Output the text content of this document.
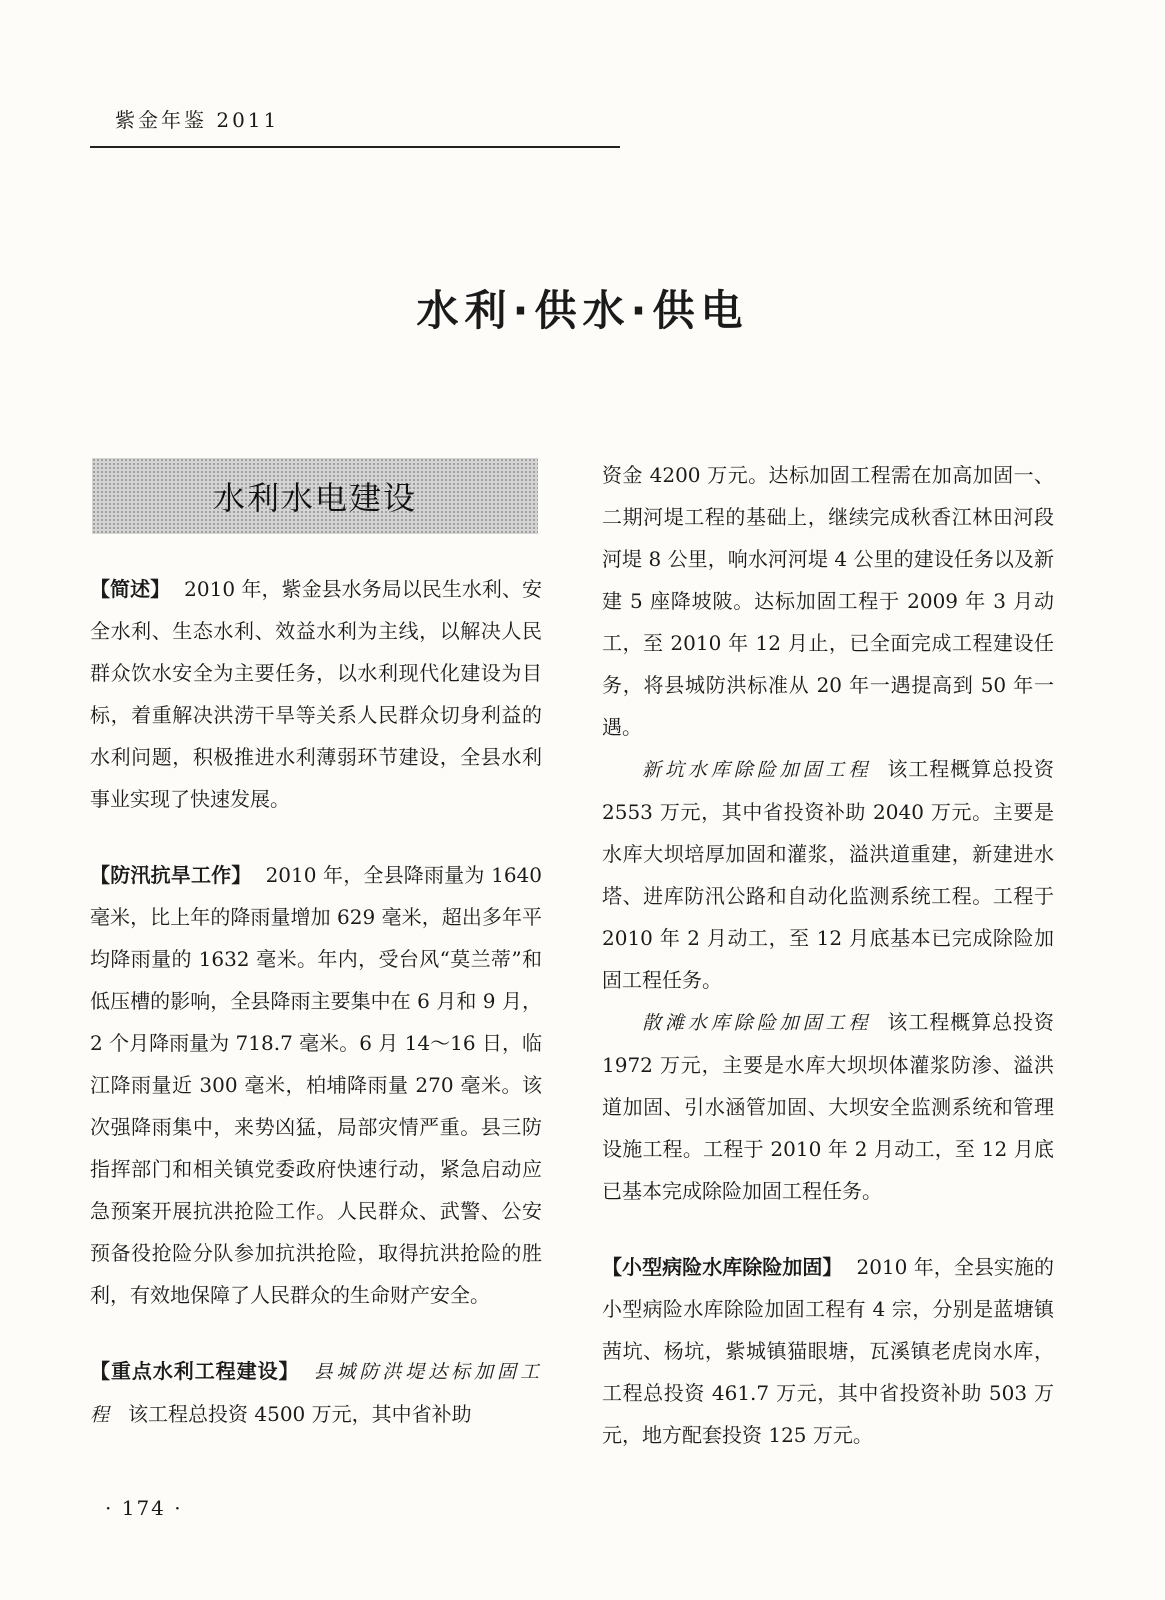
紫金年鉴 2011
水利·供水·供电
水利水电建设

【简述】 2010 年，紫金县水务局以民生水利、安全水利、生态水利、效益水利为主线，以解决人民群众饮水安全为主要任务，以水利现代化建设为目标，着重解决洪涝干旱等关系人民群众切身利益的水利问题，积极推进水利薄弱环节建设，全县水利事业实现了快速发展。

【防汛抗旱工作】 2010 年，全县降雨量为 1640 毫米，比上年的降雨量增加 629 毫米，超出多年平均降雨量的 1632 毫米。年内，受台风“莫兰蒂”和低压槽的影响，全县降雨主要集中在 6 月和 9 月，2 个月降雨量为 718.7 毫米。6 月 14～16 日，临江降雨量近 300 毫米，柏埔降雨量 270 毫米。该次强降雨集中，来势凶猛，局部灾情严重。县三防指挥部门和相关镇党委政府快速行动，紧急启动应急预案开展抗洪抢险工作。人民群众、武警、公安预备役抢险分队参加抗洪抢险，取得抗洪抢险的胜利，有效地保障了人民群众的生命财产安全。

【重点水利工程建设】 县城防洪堤达标加固工程 该工程总投资 4500 万元，其中省补助

资金 4200 万元。达标加固工程需在加高加固一、二期河堤工程的基础上，继续完成秋香江林田河段河堤 8 公里，响水河河堤 4 公里的建设任务以及新建 5 座降坡陂。达标加固工程于 2009 年 3 月动工，至 2010 年 12 月止，已全面完成工程建设任务，将县城防洪标准从 20 年一遇提高到 50 年一遇。

新坑水库除险加固工程 该工程概算总投资 2553 万元，其中省投资补助 2040 万元。主要是水库大坝培厚加固和灌浆，溢洪道重建，新建进水塔、进库防汛公路和自动化监测系统工程。工程于 2010 年 2 月动工，至 12 月底基本已完成除险加固工程任务。

散滩水库除险加固工程 该工程概算总投资 1972 万元，主要是水库大坝坝体灌浆防渗、溢洪道加固、引水涵管加固、大坝安全监测系统和管理设施工程。工程于 2010 年 2 月动工，至 12 月底已基本完成除险加固工程任务。

【小型病险水库除险加固】 2010 年，全县实施的小型病险水库除险加固工程有 4 宗，分别是蓝塘镇茜坑、杨坑，紫城镇猫眼塘，瓦溪镇老虎岗水库，工程总投资 461.7 万元，其中省投资补助 503 万元，地方配套投资 125 万元。

· 174 ·
